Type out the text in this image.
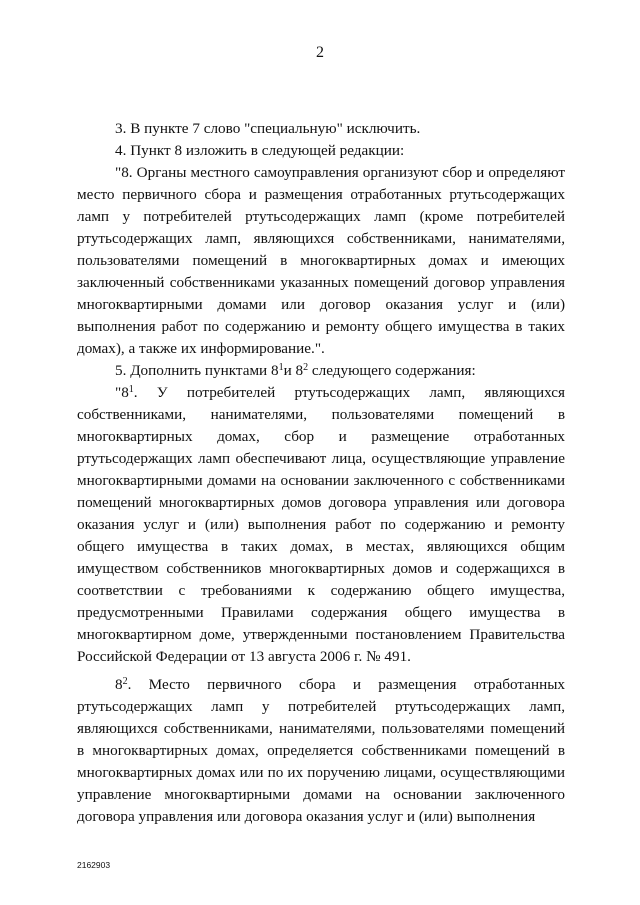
2

3. В пункте 7 слово "специальную" исключить.

4. Пункт 8 изложить в следующей редакции:

"8. Органы местного самоуправления организуют сбор и определяют место первичного сбора и размещения отработанных ртутьсодержащих ламп у потребителей ртутьсодержащих ламп (кроме потребителей ртутьсодержащих ламп, являющихся собственниками, нанимателями, пользователями помещений в многоквартирных домах и имеющих заключенный собственниками указанных помещений договор управления многоквартирными домами или договор оказания услуг и (или) выполнения работ по содержанию и ремонту общего имущества в таких домах), а также их информирование.".

5. Дополнить пунктами $8^1и$ $8^2$ следующего содержания:

"$8^1$. У потребителей ртутьсодержащих ламп, являющихся собственниками, нанимателями, пользователями помещений в многоквартирных домах, сбор и размещение отработанных ртутьсодержащих ламп обеспечивают лица, осуществляющие управление многоквартирными домами на основании заключенного с собственниками помещений многоквартирных домов договора управления или договора оказания услуг и (или) выполнения работ по содержанию и ремонту общего имущества в таких домах, в местах, являющихся общим имуществом собственников многоквартирных домов и содержащихся в соответствии с требованиями к содержанию общего имущества, предусмотренными Правилами содержания общего имущества в многоквартирном доме, утвержденными постановлением Правительства Российской Федерации от 13 августа 2006 г. № 491.

$8^2$. Место первичного сбора и размещения отработанных ртутьсодержащих ламп у потребителей ртутьсодержащих ламп, являющихся собственниками, нанимателями, пользователями помещений в многоквартирных домах, определяется собственниками помещений в многоквартирных домах или по их поручению лицами, осуществляющими управление многоквартирными домами на основании заключенного договора управления или договора оказания услуг и (или) выполнения

2162903
